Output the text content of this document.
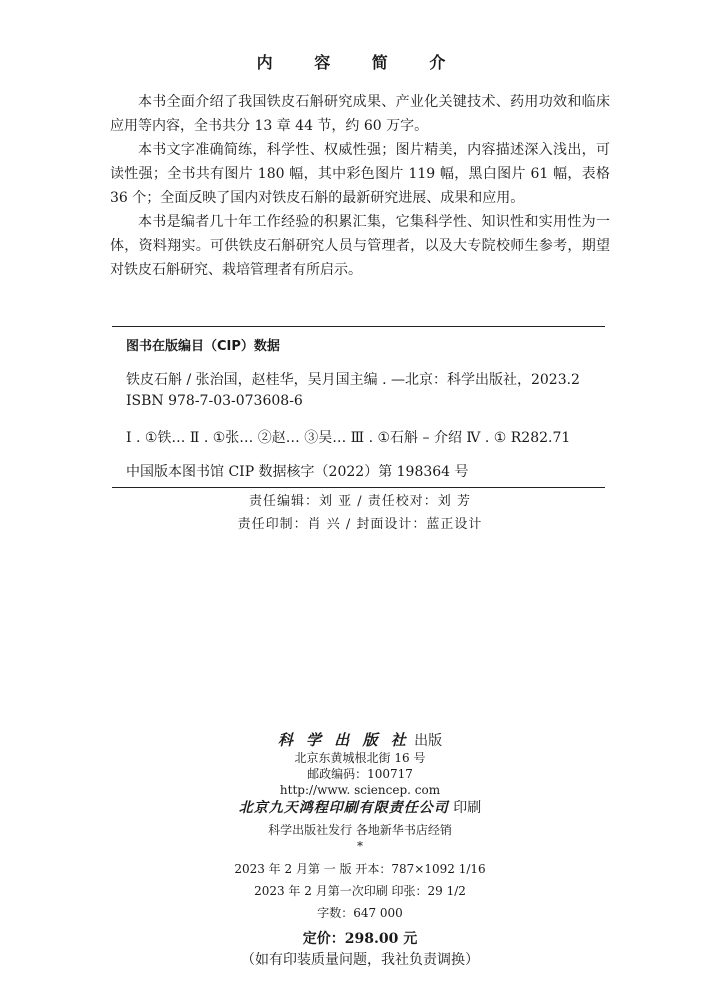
内 容 简 介

本书全面介绍了我国铁皮石斛研究成果、产业化关键技术、药用功效和临床应用等内容，全书共分 13 章 44 节，约 60 万字。

本书文字准确简练，科学性、权威性强；图片精美，内容描述深入浅出，可读性强；全书共有图片 180 幅，其中彩色图片 119 幅，黑白图片 61 幅，表格 36 个；全面反映了国内对铁皮石斛的最新研究进展、成果和应用。

本书是编者几十年工作经验的积累汇集，它集科学性、知识性和实用性为一体，资料翔实。可供铁皮石斛研究人员与管理者，以及大专院校师生参考，期望对铁皮石斛研究、栽培管理者有所启示。

图书在版编目（CIP）数据
铁皮石斛 / 张治国，赵桂华，吴月国主编 . —北京：科学出版社，2023.2
ISBN 978-7-03-073608-6
Ⅰ . ①铁… Ⅱ . ①张… ②赵… ③吴… Ⅲ . ①石斛 – 介绍 Ⅳ . ① R282.71
中国版本图书馆 CIP 数据核字（2022）第 198364 号
责任编辑：刘 亚 / 责任校对：刘 芳
责任印制：肖 兴 / 封面设计：蓝正设计
科 学 出 版 社 出版
北京东黄城根北街 16 号
邮政编码：100717
http://www. sciencep. com
北京九天鸿程印刷有限责任公司 印刷
科学出版社发行 各地新华书店经销
*
2023 年 2 月第 一 版 开本：787×1092 1/16
2023 年 2 月第一次印刷 印张：29 1/2
字数：647 000
定价：298.00 元
（如有印装质量问题，我社负责调换）
